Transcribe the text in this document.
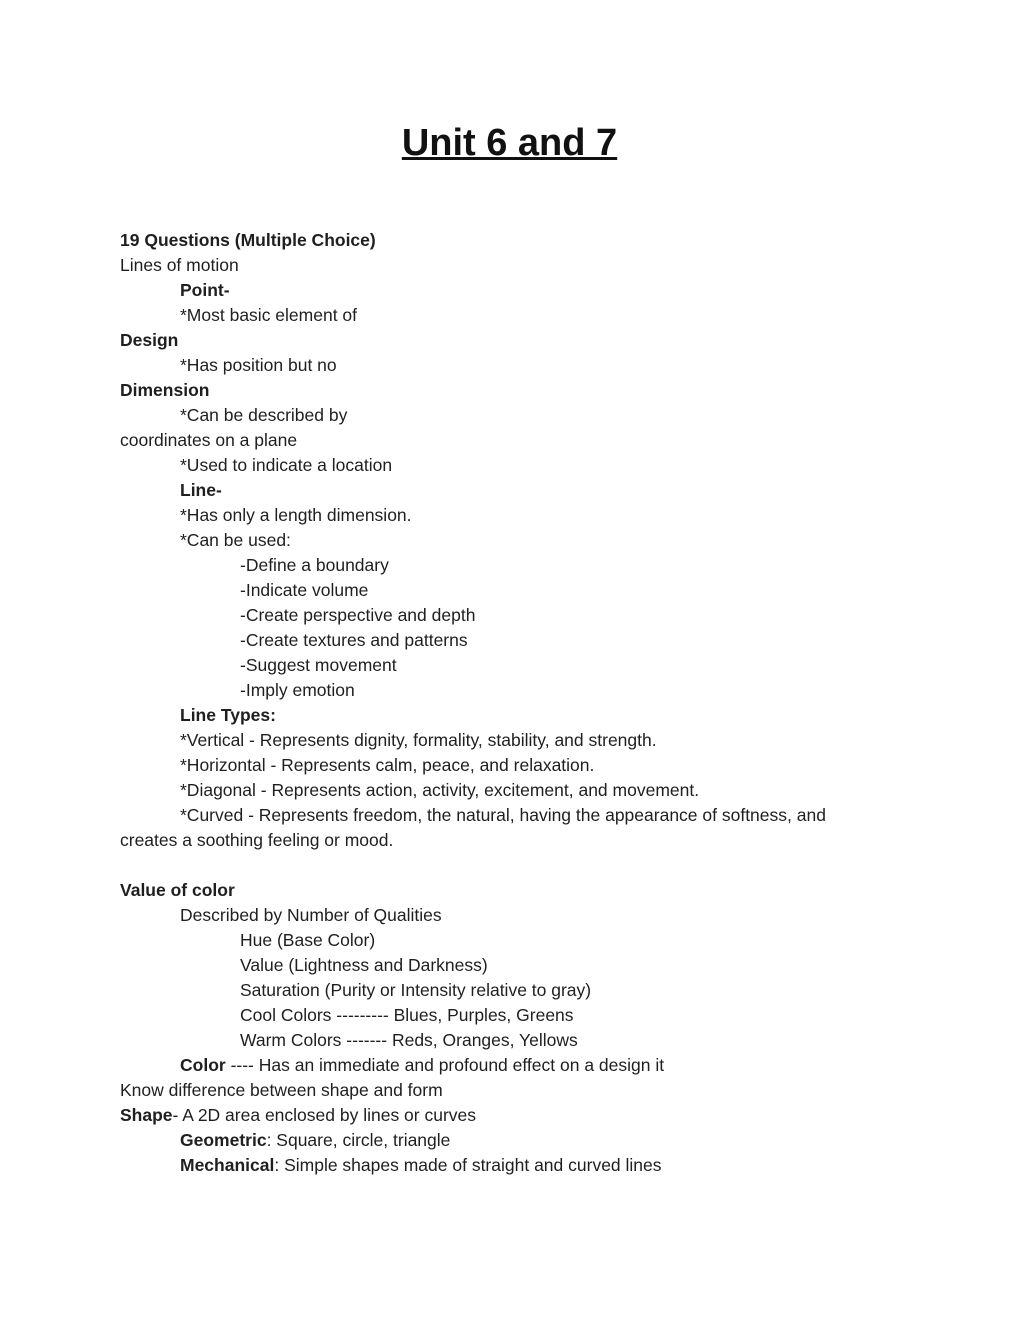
Unit 6 and 7
19 Questions (Multiple Choice)
Lines of motion
Point-
*Most basic element of
Design
*Has position but no
Dimension
*Can be described by
coordinates on a plane
*Used to indicate a location
Line-
*Has only a length dimension.
*Can be used:
-Define a boundary
-Indicate volume
-Create perspective and depth
-Create textures and patterns
-Suggest movement
-Imply emotion
Line Types:
*Vertical - Represents dignity, formality, stability, and strength.
*Horizontal - Represents calm, peace, and relaxation.
*Diagonal - Represents action, activity, excitement, and movement.
*Curved - Represents freedom, the natural, having the appearance of softness, and
creates a soothing feeling or mood.
Value of color
Described by Number of Qualities
Hue (Base Color)
Value (Lightness and Darkness)
Saturation (Purity or Intensity relative to gray)
Cool Colors --------- Blues, Purples, Greens
Warm Colors ------- Reds, Oranges, Yellows
Color ---- Has an immediate and profound effect on a design it
Know difference between shape and form
Shape- A 2D area enclosed by lines or curves
Geometric: Square, circle, triangle
Mechanical: Simple shapes made of straight and curved lines
